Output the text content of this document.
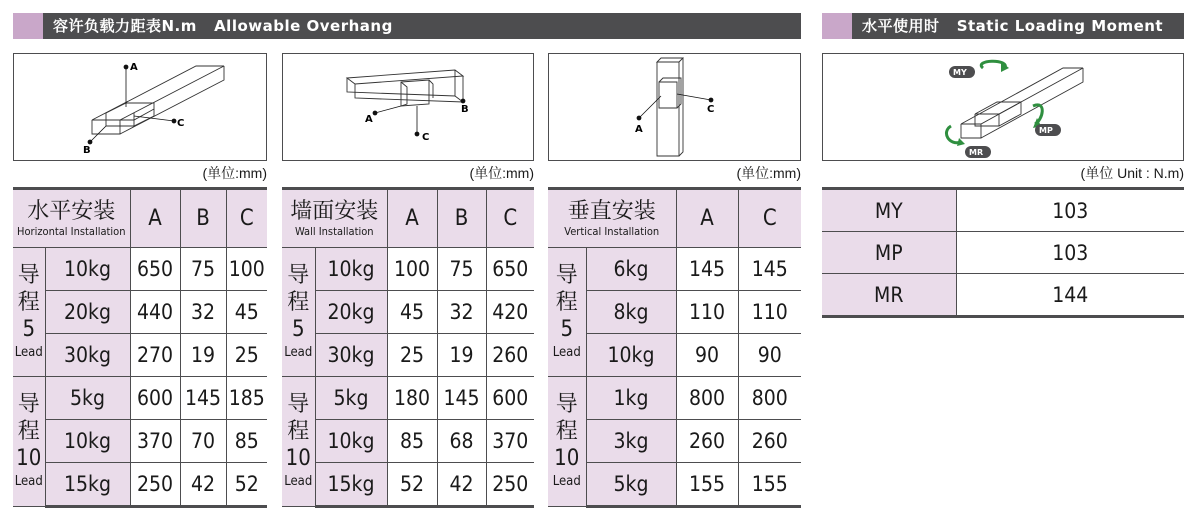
容许负载力距表N.m Allowable Overhang	水平使用时 Static Loading Moment
A
C
B
A
C
B
A
C
MY
MP
MR
(单位:mm)	(单位:mm)	(单位:mm)	(单位 Unit : N.m)
水平安装
Horizontal Installation		A	B	C

导
程
5
Lead	10kg	650	75	100
	20kg	440	32	45
	30kg	270	19	25

导
程
10
Lead	5kg	600	145	185
	10kg	370	70	85
	15kg	250	42	52
墙面安装
Wall Installation		A	B	C

导
程
5
Lead	10kg	100	75	650
	20kg	45	32	420
	30kg	25	19	260

导
程
10
Lead	5kg	180	145	600
	10kg	85	68	370
	15kg	52	42	250
垂直安装
Vertical Installation		A	C

导
程
5
Lead	6kg	145	145
	8kg	110	110
	10kg	90	90

导
程
10
Lead	1kg	800	800
	3kg	260	260
	5kg	155	155
MY	103
MP	103
MR	144
